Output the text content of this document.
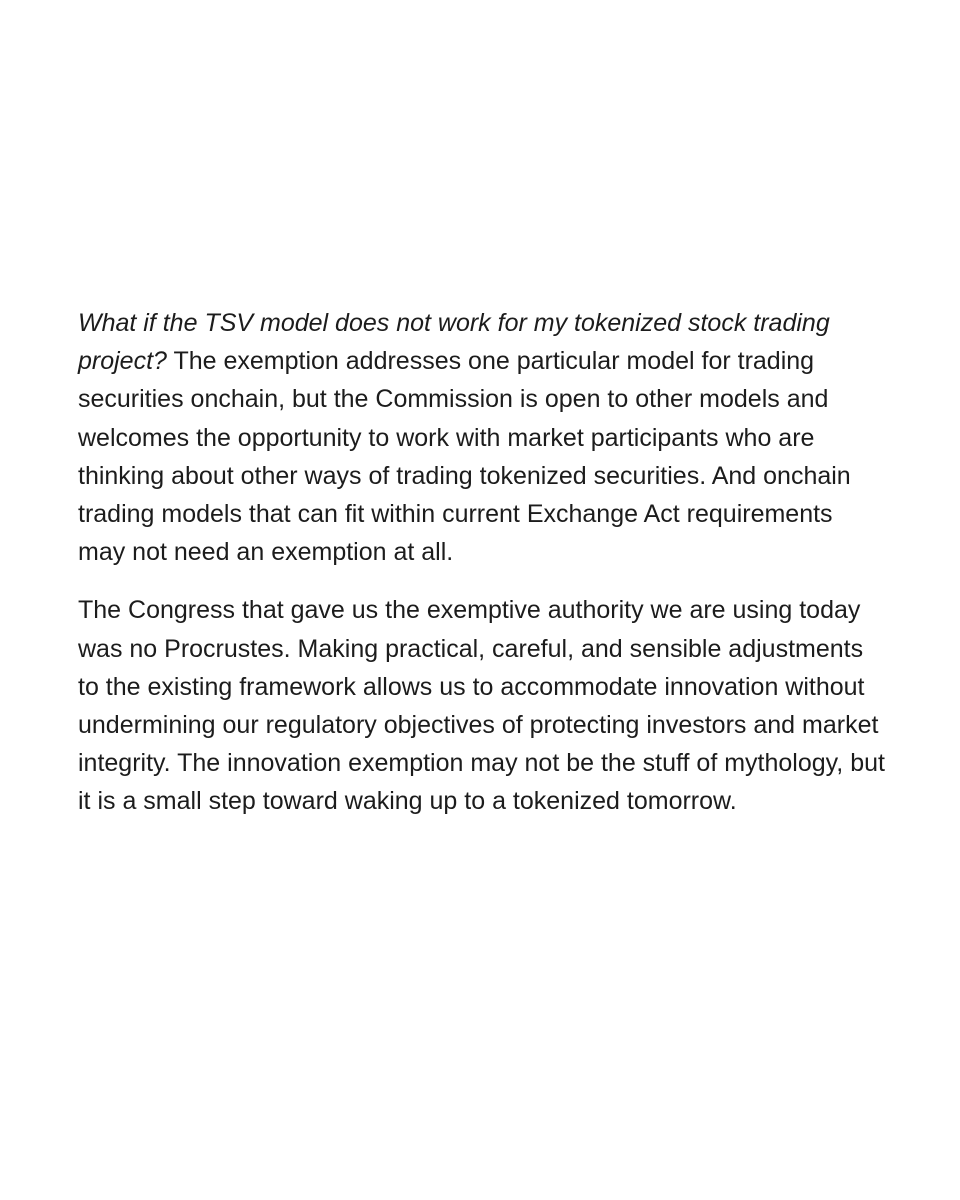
What if the TSV model does not work for my tokenized stock trading project? The exemption addresses one particular model for trading securities onchain, but the Commission is open to other models and welcomes the opportunity to work with market participants who are thinking about other ways of trading tokenized securities. And onchain trading models that can fit within current Exchange Act requirements may not need an exemption at all.

The Congress that gave us the exemptive authority we are using today was no Procrustes. Making practical, careful, and sensible adjustments to the existing framework allows us to accommodate innovation without undermining our regulatory objectives of protecting investors and market integrity. The innovation exemption may not be the stuff of mythology, but it is a small step toward waking up to a tokenized tomorrow.
